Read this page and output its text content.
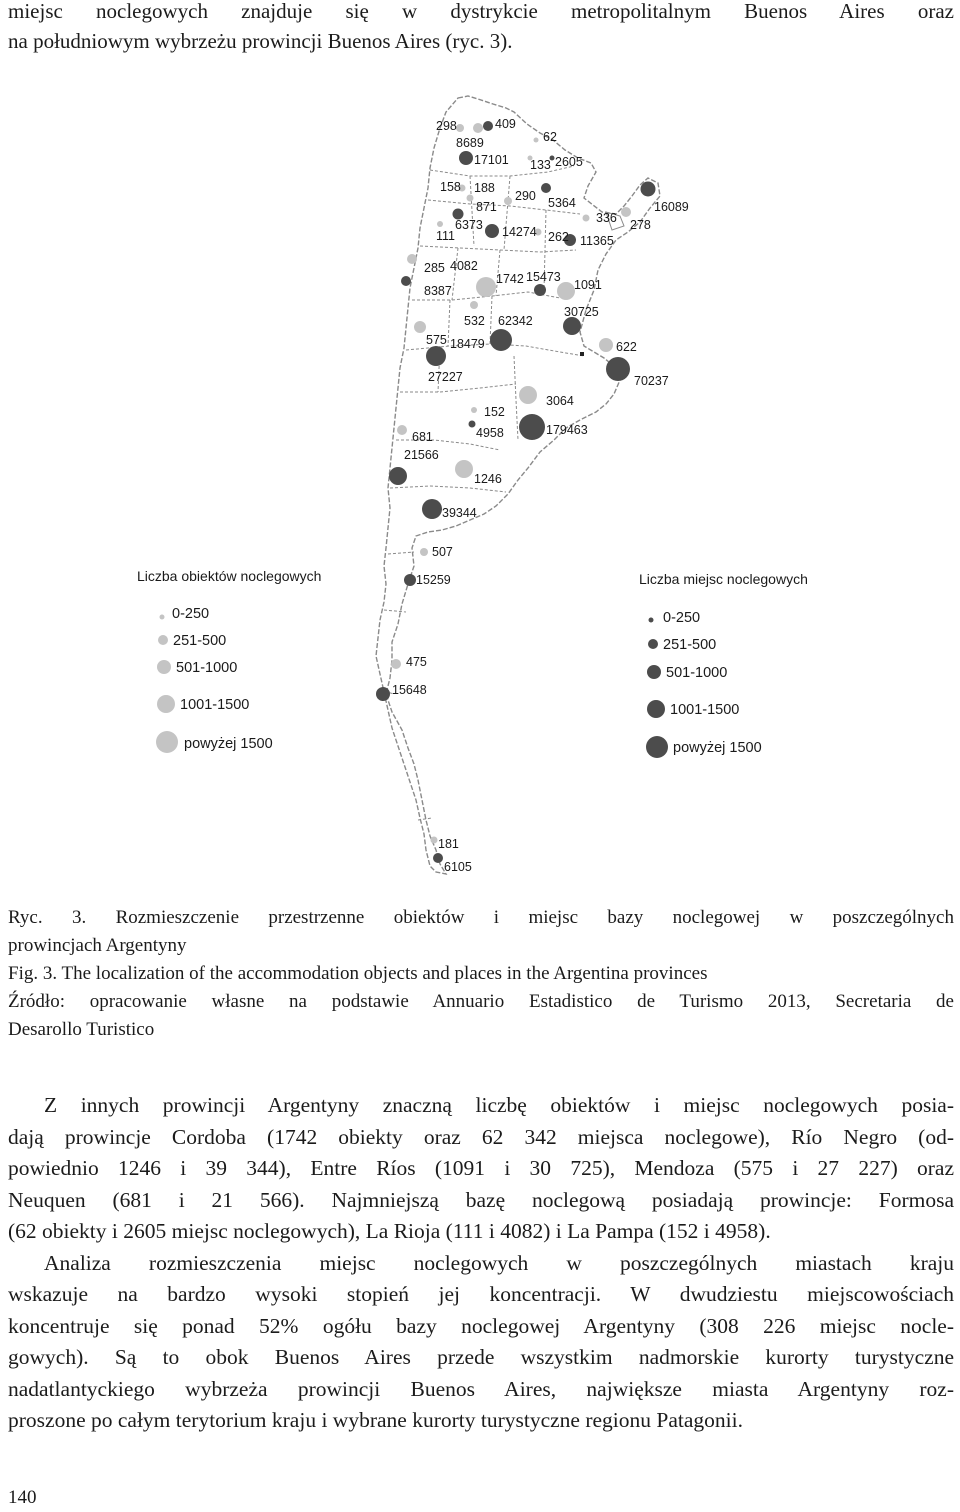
miejsc noclegowych znajduje się w dystrykcie metropolitalnym Buenos Aires oraz
na południowym wybrzeżu prowincji Buenos Aires (ryc. 3).
298	409
8689	62
17101 133 2605
158 188
290 5364	16089
871
336
6373	278
111	14274 262 11365
285 4082
1742 15473
1091
8387
30725
532 62342
575 18479	622
27227	70237
3064
152
4958	179463
681
21566
1246
39344
507
15259
475
15648
181
6105
Liczba obiektów noclegowych
0-250
251-500
501-1000
1001-1500
powyżej 1500
Liczba miejsc noclegowych
0-250
251-500
501-1000
1001-1500
powyżej 1500
Ryc. 3. Rozmieszczenie przestrzenne obiektów i miejsc bazy noclegowej w poszczególnych
prowincjach Argentyny
Fig. 3. The localization of the accommodation objects and places in the Argentina provinces
Źródło: opracowanie własne na podstawie Annuario Estadistico de Turismo 2013, Secretaria de
Desarollo Turistico
Z innych prowincji Argentyny znaczną liczbę obiektów i miejsc noclegowych posia-
dają prowincje Cordoba (1742 obiekty oraz 62 342 miejsca noclegowe), Río Negro (od-
powiednio 1246 i 39 344), Entre Ríos (1091 i 30 725), Mendoza (575 i 27 227) oraz
Neuquen (681 i 21 566). Najmniejszą bazę noclegową posiadają prowincje: Formosa
(62 obiekty i 2605 miejsc noclegowych), La Rioja (111 i 4082) i La Pampa (152 i 4958).
Analiza rozmieszczenia miejsc noclegowych w poszczególnych miastach kraju
wskazuje na bardzo wysoki stopień jej koncentracji. W dwudziestu miejscowościach
koncentruje się ponad 52% ogółu bazy noclegowej Argentyny (308 226 miejsc nocle-
gowych). Są to obok Buenos Aires przede wszystkim nadmorskie kurorty turystyczne
nadatlantyckiego wybrzeża prowincji Buenos Aires, największe miasta Argentyny roz-
proszone po całym terytorium kraju i wybrane kurorty turystyczne regionu Patagonii.
140
